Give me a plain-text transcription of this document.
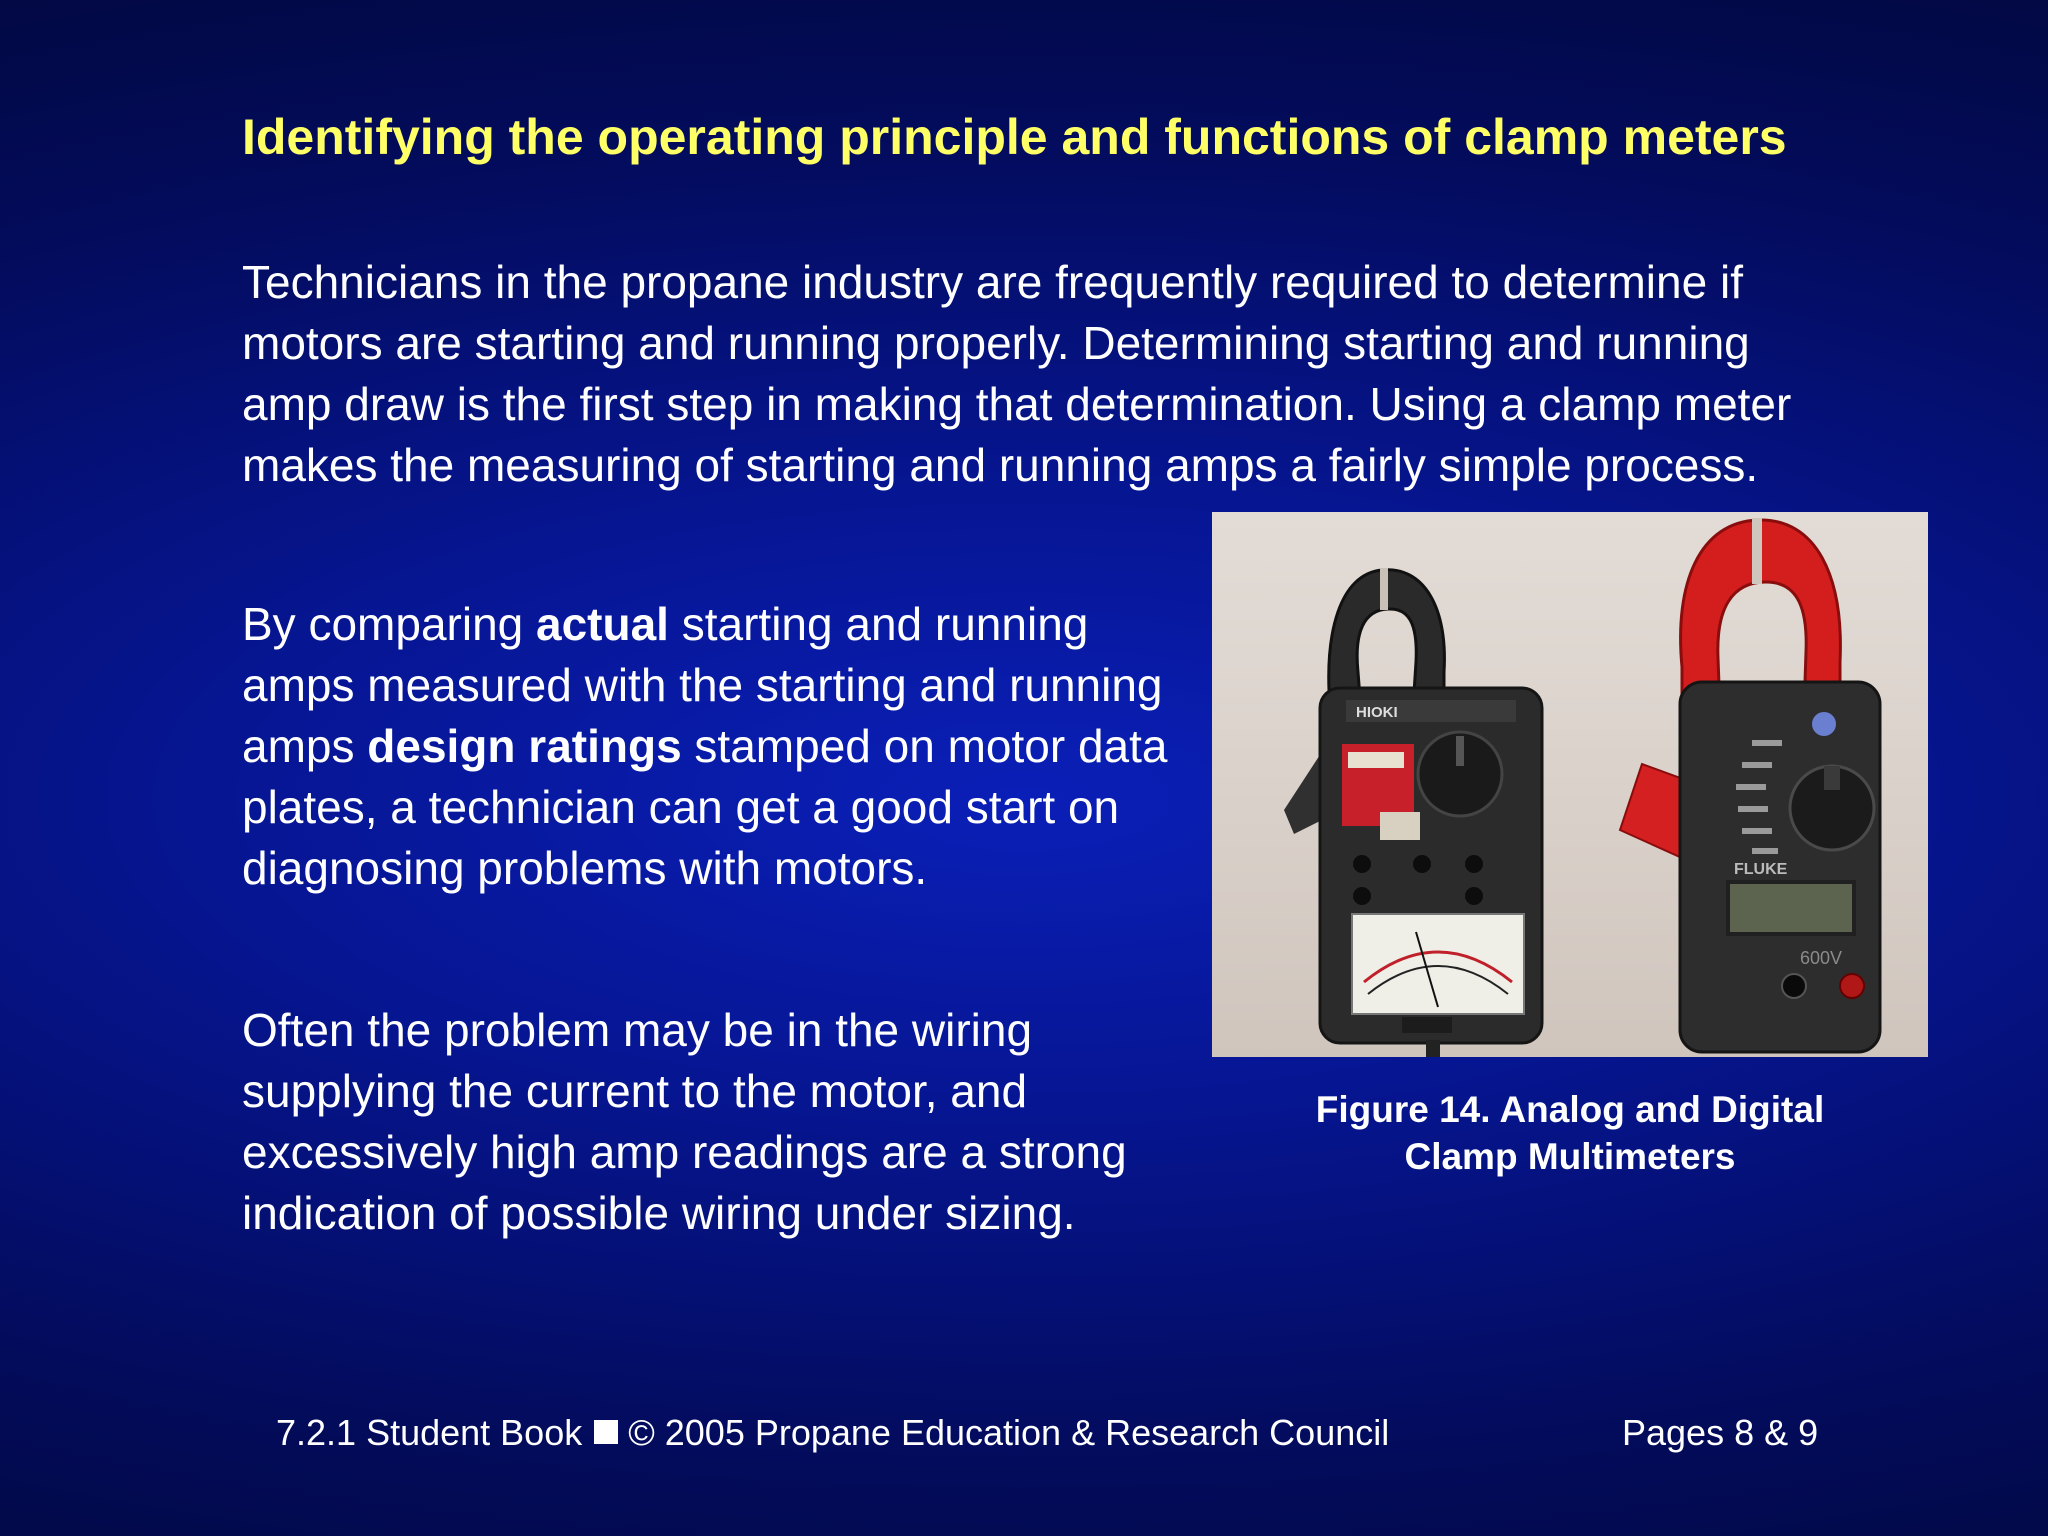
Identifying the operating principle and functions of clamp meters

Technicians in the propane industry are frequently required to determine if motors are starting and running properly. Determining starting and running amp draw is the first step in making that determination. Using a clamp meter makes the measuring of starting and running amps a fairly simple process.

By comparing actual starting and running amps measured with the starting and running amps design ratings stamped on motor data plates, a technician can get a good start on diagnosing problems with motors.

Often the problem may be in the wiring supplying the current to the motor, and excessively high amp readings are a strong indication of possible wiring under sizing.

HIOKI
FLUKE
600V
Figure 14. Analog and Digital
Clamp Multimeters
7.2.1 Student Book © 2005 Propane Education & Research Council	Pages 8 & 9
